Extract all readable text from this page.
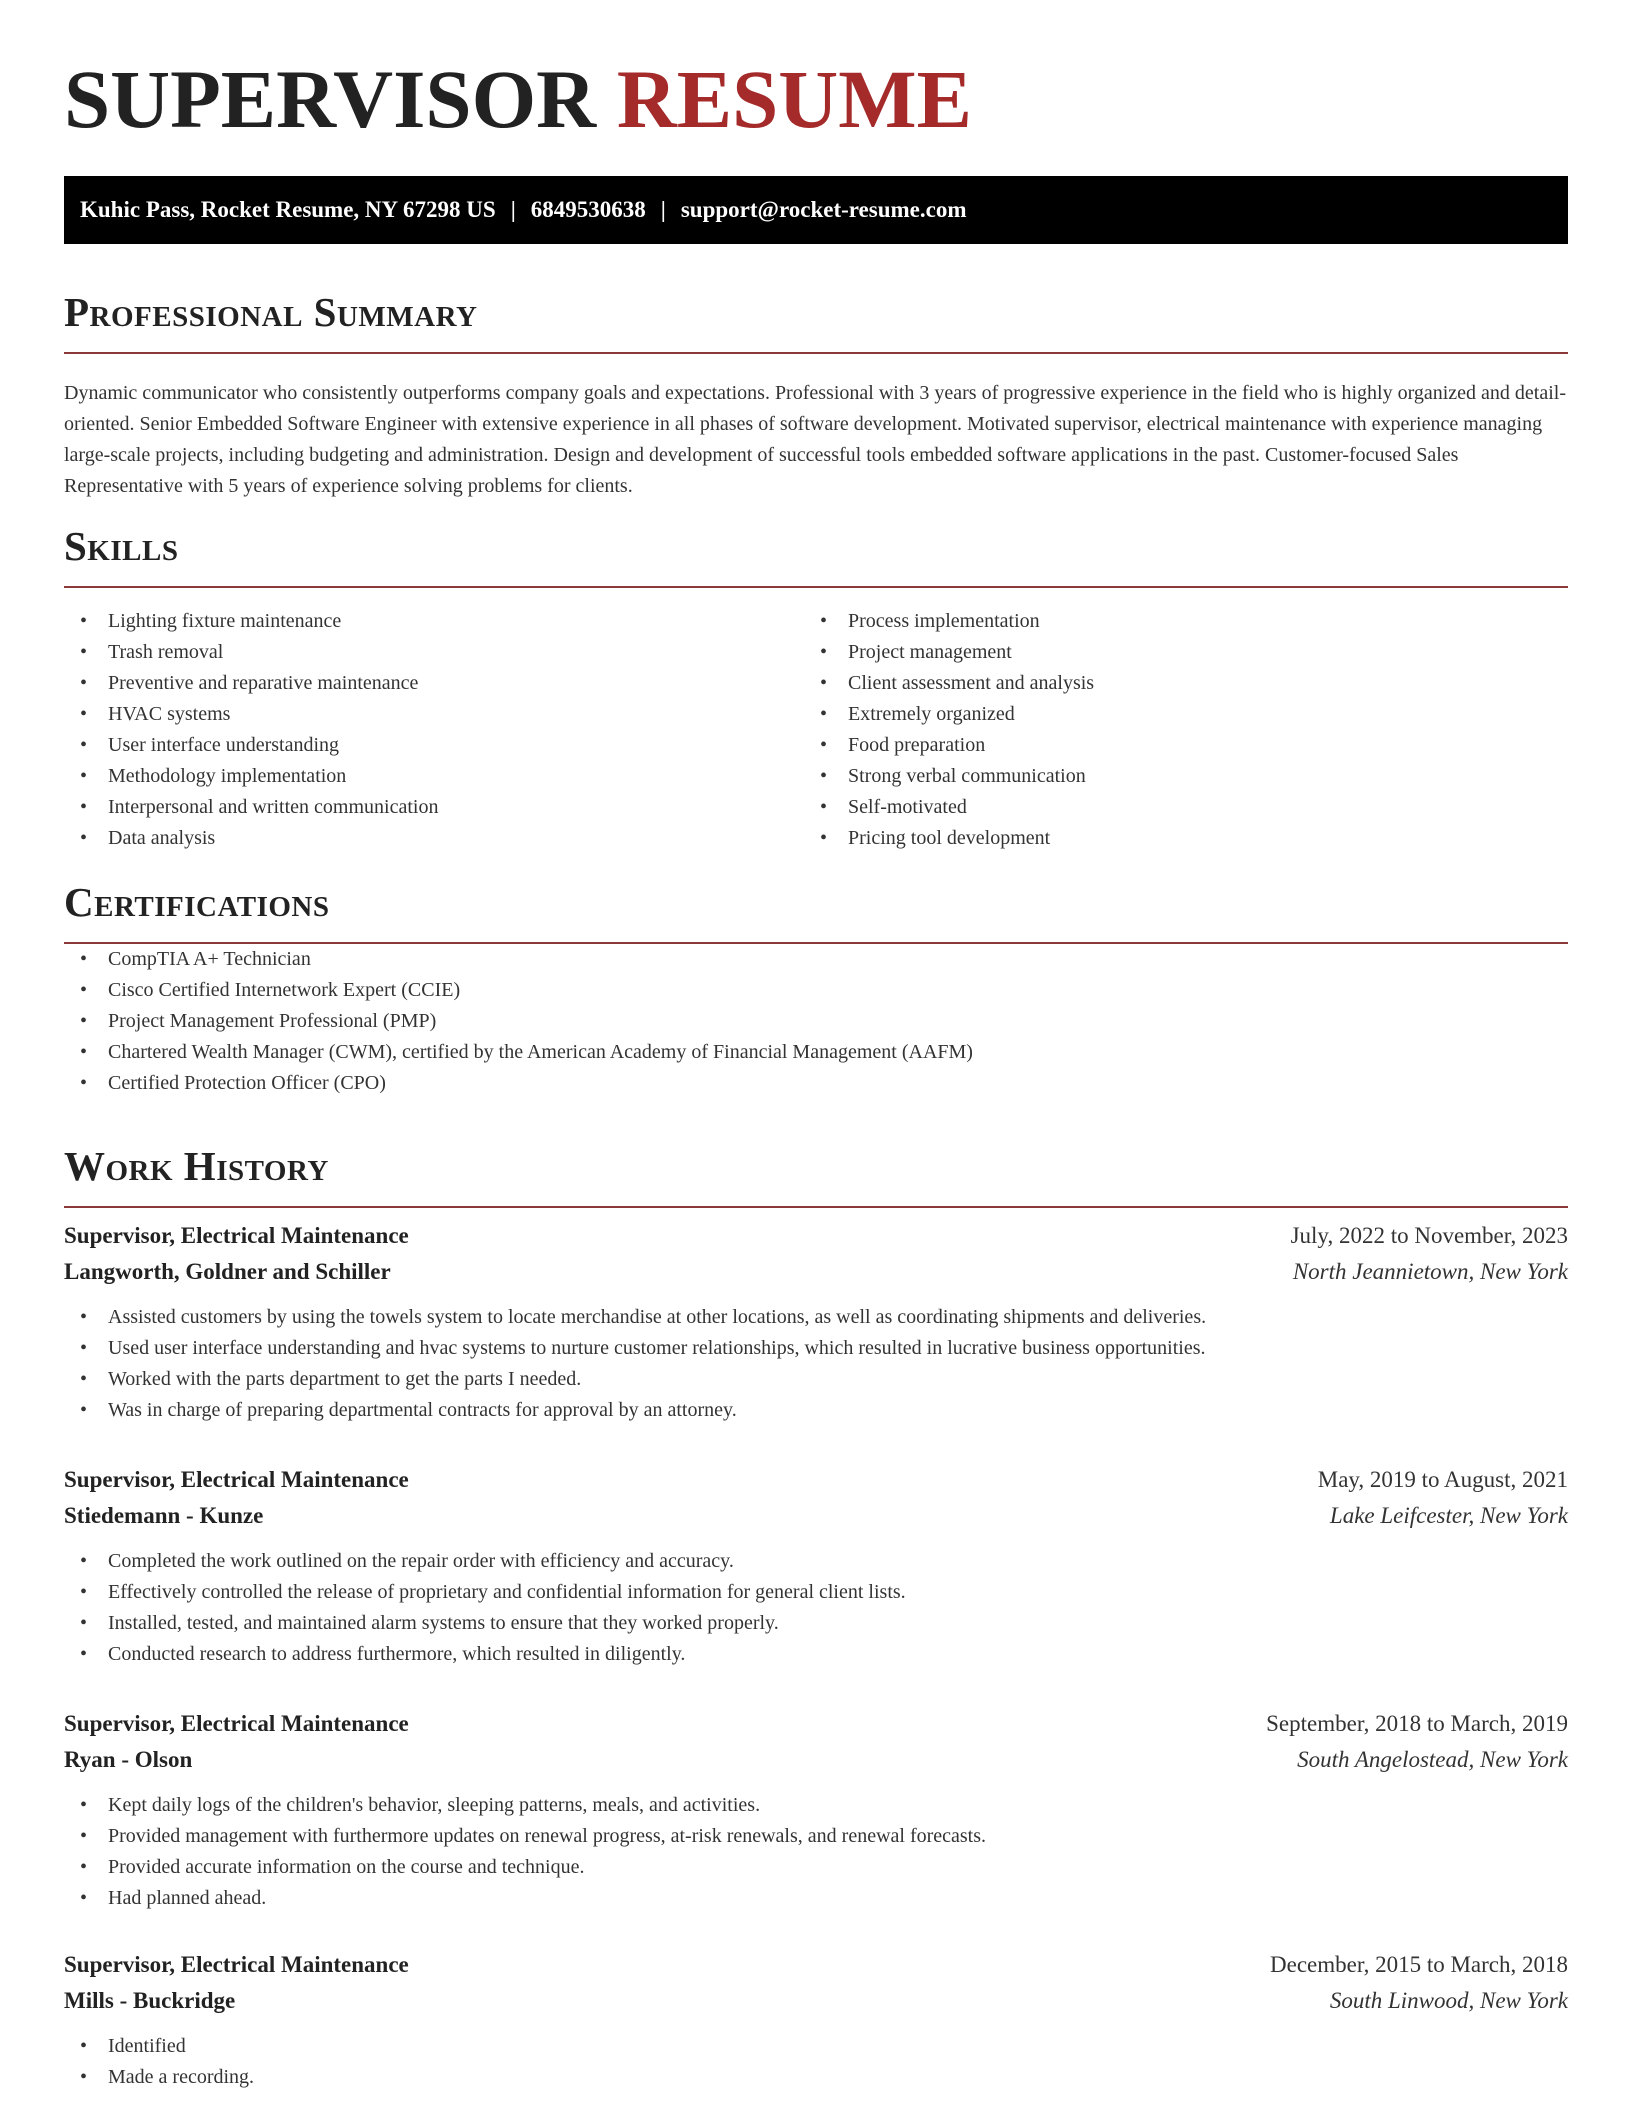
SUPERVISOR RESUME
Kuhic Pass, Rocket Resume, NY 67298 US | 6849530638 | support@rocket-resume.com
Professional Summary

Dynamic communicator who consistently outperforms company goals and expectations. Professional with 3 years of progressive experience in the field who is highly organized and detail-oriented. Senior Embedded Software Engineer with extensive experience in all phases of software development. Motivated supervisor, electrical maintenance with experience managing large-scale projects, including budgeting and administration. Design and development of successful tools embedded software applications in the past. Customer-focused Sales Representative with 5 years of experience solving problems for clients.

Skills
• Lighting fixture maintenance
• Trash removal
• Preventive and reparative maintenance
• HVAC systems
• User interface understanding
• Methodology implementation
• Interpersonal and written communication
• Data analysis
• Process implementation
• Project management
• Client assessment and analysis
• Extremely organized
• Food preparation
• Strong verbal communication
• Self-motivated
• Pricing tool development
Certifications
• CompTIA A+ Technician
• Cisco Certified Internetwork Expert (CCIE)
• Project Management Professional (PMP)
• Chartered Wealth Manager (CWM), certified by the American Academy of Financial Management (AAFM)
• Certified Protection Officer (CPO)
Work History
Supervisor, Electrical Maintenance	July, 2022 to November, 2023
Langworth, Goldner and Schiller	North Jeannietown, New York
• Assisted customers by using the towels system to locate merchandise at other locations, as well as coordinating shipments and deliveries.
• Used user interface understanding and hvac systems to nurture customer relationships, which resulted in lucrative business opportunities.
• Worked with the parts department to get the parts I needed.
• Was in charge of preparing departmental contracts for approval by an attorney.
Supervisor, Electrical Maintenance	May, 2019 to August, 2021
Stiedemann - Kunze	Lake Leifcester, New York
• Completed the work outlined on the repair order with efficiency and accuracy.
• Effectively controlled the release of proprietary and confidential information for general client lists.
• Installed, tested, and maintained alarm systems to ensure that they worked properly.
• Conducted research to address furthermore, which resulted in diligently.
Supervisor, Electrical Maintenance	September, 2018 to March, 2019
Ryan - Olson	South Angelostead, New York
• Kept daily logs of the children's behavior, sleeping patterns, meals, and activities.
• Provided management with furthermore updates on renewal progress, at-risk renewals, and renewal forecasts.
• Provided accurate information on the course and technique.
• Had planned ahead.
Supervisor, Electrical Maintenance	December, 2015 to March, 2018
Mills - Buckridge	South Linwood, New York
• Identified
• Made a recording.
